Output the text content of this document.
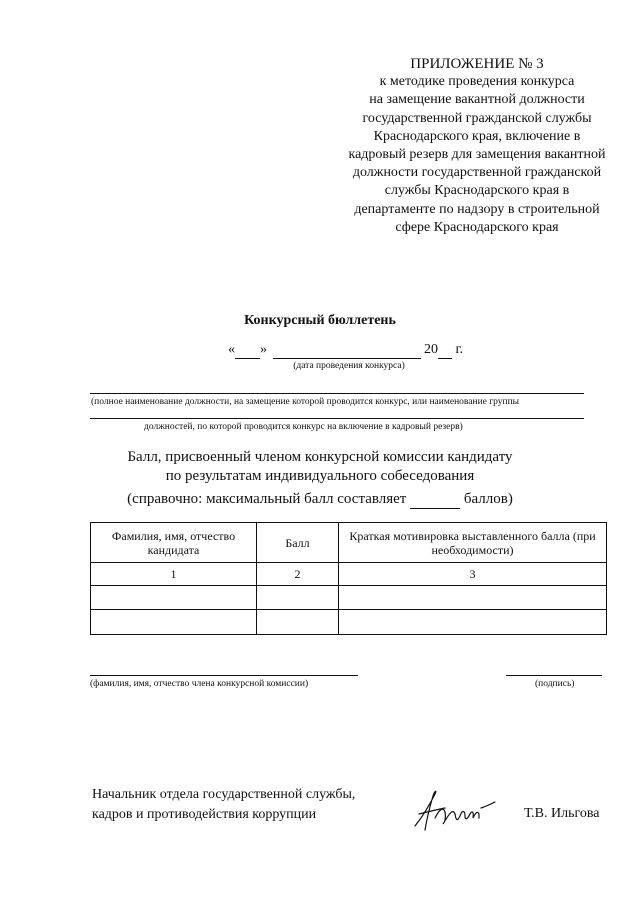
ПРИЛОЖЕНИЕ № 3
к методике проведения конкурса
на замещение вакантной должности
государственной гражданской службы
Краснодарского края, включение в
кадровый резерв для замещения вакантной
должности государственной гражданской
службы Краснодарского края в
департаменте по надзору в строительной
сфере Краснодарского края
Конкурсный бюллетень
« »	20  г.
(дата проведения конкурса)
(полное наименование должности, на замещение которой проводится конкурс, или наименование группы
должностей, по которой проводится конкурс на включение в кадровый резерв)
Балл, присвоенный членом конкурсной комиссии кандидату
по результатам индивидуального собеседования
(справочно: максимальный балл составляет	баллов)
Фамилия, имя, отчество кандидата	Балл	Краткая мотивировка выставленного балла (при необходимости)
1	2	3

(фамилия, имя, отчество члена конкурсной комиссии)	(подпись)
Начальник отдела государственной службы,
кадров и противодействия коррупции	Т.В. Ильгова
